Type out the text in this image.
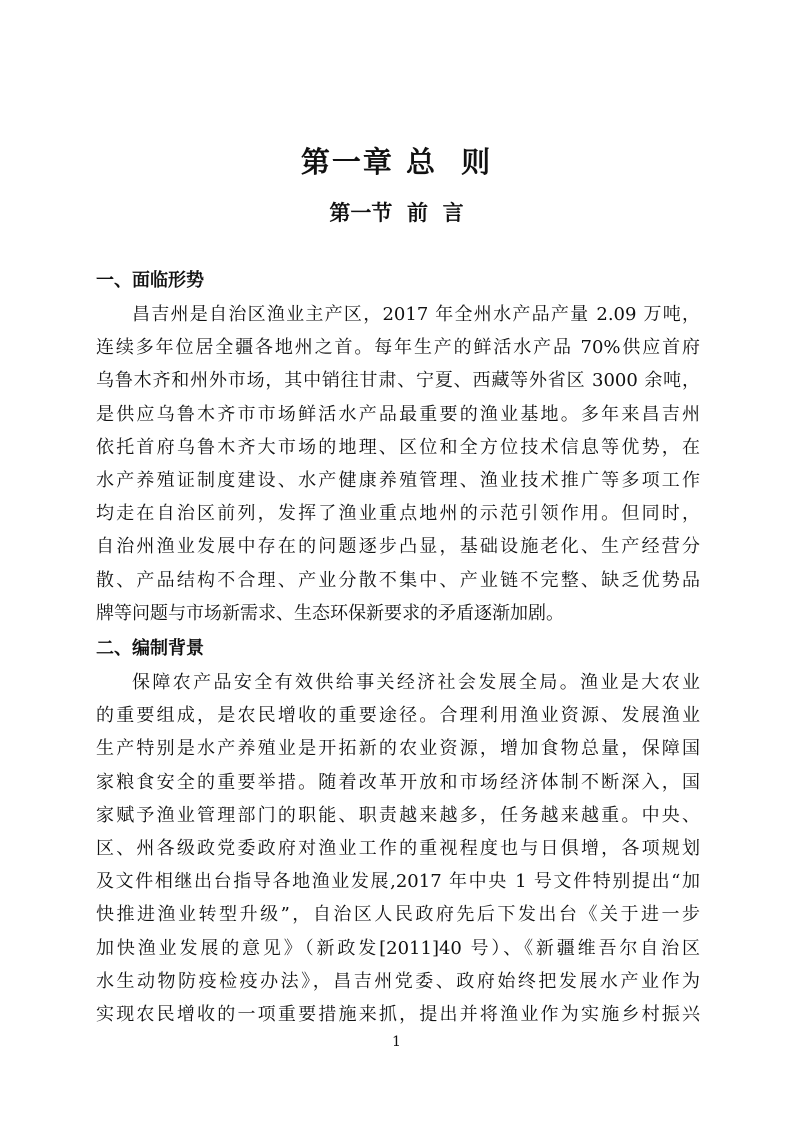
第一章 总  则
第一节  前  言
一、面临形势
昌吉州是自治区渔业主产区，2017 年全州水产品产量 2.09 万吨，
连续多年位居全疆各地州之首。每年生产的鲜活水产品 70%供应首府
乌鲁木齐和州外市场，其中销往甘肃、宁夏、西藏等外省区 3000 余吨，
是供应乌鲁木齐市市场鲜活水产品最重要的渔业基地。多年来昌吉州
依托首府乌鲁木齐大市场的地理、区位和全方位技术信息等优势，在
水产养殖证制度建设、水产健康养殖管理、渔业技术推广等多项工作
均走在自治区前列，发挥了渔业重点地州的示范引领作用。但同时，
自治州渔业发展中存在的问题逐步凸显，基础设施老化、生产经营分
散、产品结构不合理、产业分散不集中、产业链不完整、缺乏优势品
牌等问题与市场新需求、生态环保新要求的矛盾逐渐加剧。
二、编制背景
保障农产品安全有效供给事关经济社会发展全局。渔业是大农业
的重要组成，是农民增收的重要途径。合理利用渔业资源、发展渔业
生产特别是水产养殖业是开拓新的农业资源，增加食物总量，保障国
家粮食安全的重要举措。随着改革开放和市场经济体制不断深入，国
家赋予渔业管理部门的职能、职责越来越多，任务越来越重。中央、
区、州各级政党委政府对渔业工作的重视程度也与日俱增，各项规划
及文件相继出台指导各地渔业发展,2017 年中央 1 号文件特别提出“加
快推进渔业转型升级”，自治区人民政府先后下发出台《关于进一步
加快渔业发展的意见》（新政发[2011]40 号）、《新疆维吾尔自治区
水生动物防疫检疫办法》，昌吉州党委、政府始终把发展水产业作为
实现农民增收的一项重要措施来抓，提出并将渔业作为实施乡村振兴

1
